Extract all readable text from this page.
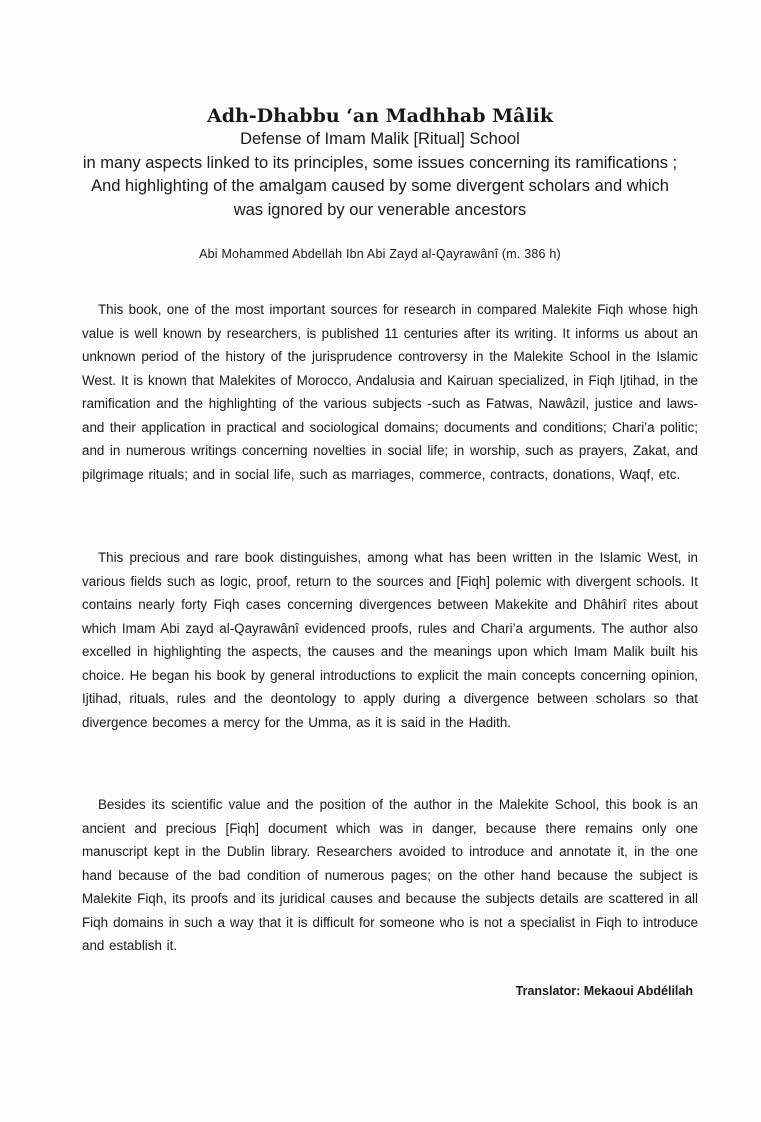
Adh-Dhabbu ‘an Madhhab Mâlik

Defense of Imam Malik [Ritual] School

in many aspects linked to its principles, some issues concerning its ramifications ;

And highlighting of the amalgam caused by some divergent scholars and which

was ignored by our venerable ancestors

Abi Mohammed Abdellah Ibn Abi Zayd al-Qayrawânî (m. 386 h)

This book, one of the most important sources for research in compared Malekite Fiqh whose high value is well known by researchers, is published 11 centuries after its writing. It informs us about an unknown period of the history of the jurisprudence controversy in the Malekite School in the Islamic West. It is known that Malekites of Morocco, Andalusia and Kairuan specialized, in Fiqh Ijtihad, in the ramification and the highlighting of the various subjects -such as Fatwas, Nawâzil, justice and laws- and their application in practical and sociological domains; documents and conditions; Chari’a politic; and in numerous writings concerning novelties in social life; in worship, such as prayers, Zakat, and pilgrimage rituals; and in social life, such as marriages, commerce, contracts, donations, Waqf, etc.

This precious and rare book distinguishes, among what has been written in the Islamic West, in various fields such as logic, proof, return to the sources and [Fiqh] polemic with divergent schools. It contains nearly forty Fiqh cases concerning divergences between Makekite and Dhâhirî rites about which Imam Abi zayd al-Qayrawânî evidenced proofs, rules and Chari’a arguments. The author also excelled in highlighting the aspects, the causes and the meanings upon which Imam Malik built his choice. He began his book by general introductions to explicit the main concepts concerning opinion, Ijtihad, rituals, rules and the deontology to apply during a divergence between scholars so that divergence becomes a mercy for the Umma, as it is said in the Hadith.

Besides its scientific value and the position of the author in the Malekite School, this book is an ancient and precious [Fiqh] document which was in danger, because there remains only one manuscript kept in the Dublin library. Researchers avoided to introduce and annotate it, in the one hand because of the bad condition of numerous pages; on the other hand because the subject is Malekite Fiqh, its proofs and its juridical causes and because the subjects details are scattered in all Fiqh domains in such a way that it is difficult for someone who is not a specialist in Fiqh to introduce and establish it.

Translator: Mekaoui Abdélilah
